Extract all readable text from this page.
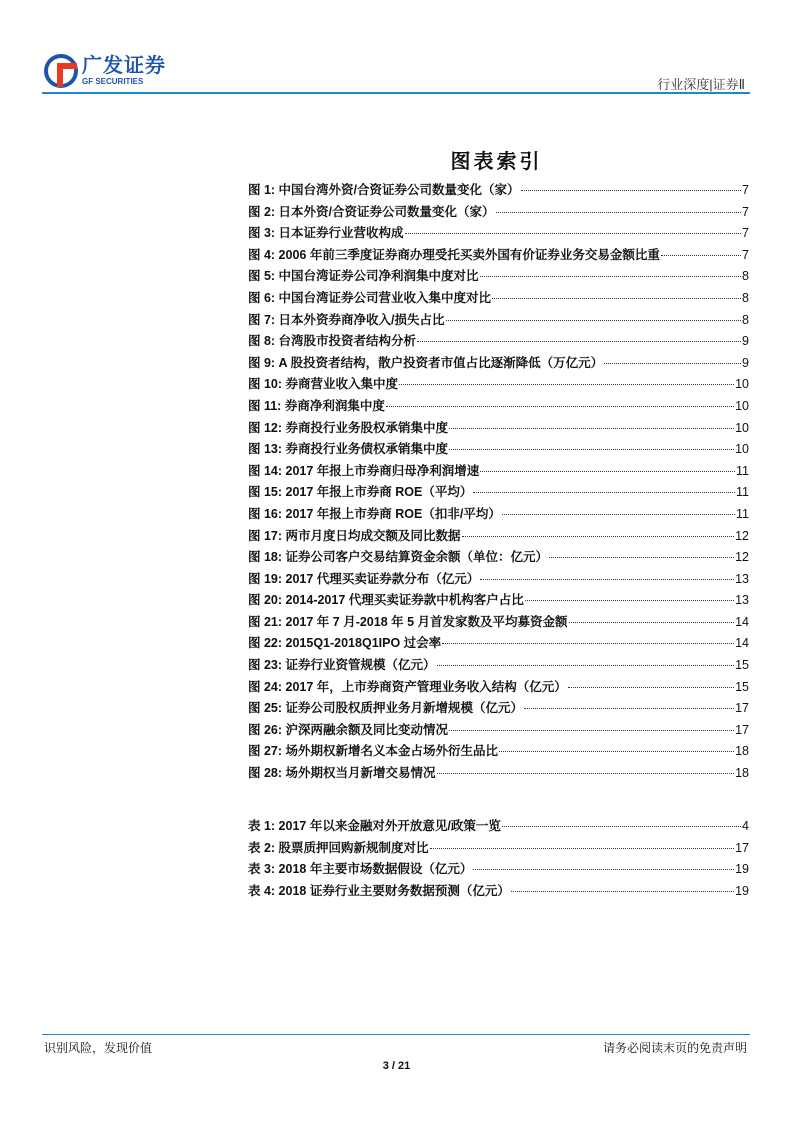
广发证券
GF SECURITIES	行业深度|证券Ⅱ
图表索引
图 1: 中国台湾外资/合资证券公司数量变化（家）	7
图 2: 日本外资/合资证券公司数量变化（家）	7
图 3: 日本证券行业营收构成	7
图 4: 2006 年前三季度证券商办理受托买卖外国有价证券业务交易金额比重	7
图 5: 中国台湾证券公司净利润集中度对比	8
图 6: 中国台湾证券公司营业收入集中度对比	8
图 7: 日本外资券商净收入/损失占比	8
图 8: 台湾股市投资者结构分析	9
图 9: A 股投资者结构，散户投资者市值占比逐渐降低（万亿元）	9
图 10: 券商营业收入集中度	10
图 11: 券商净利润集中度	10
图 12: 券商投行业务股权承销集中度	10
图 13: 券商投行业务债权承销集中度	10
图 14: 2017 年报上市券商归母净利润增速	11
图 15: 2017 年报上市券商 ROE（平均）	11
图 16: 2017 年报上市券商 ROE（扣非/平均）	11
图 17: 两市月度日均成交额及同比数据	12
图 18: 证券公司客户交易结算资金余额（单位：亿元）	12
图 19: 2017 代理买卖证券款分布（亿元）	13
图 20: 2014-2017 代理买卖证券款中机构客户占比	13
图 21: 2017 年 7 月-2018 年 5 月首发家数及平均募资金额	14
图 22: 2015Q1-2018Q1IPO 过会率	14
图 23: 证券行业资管规模（亿元）	15
图 24: 2017 年，上市券商资产管理业务收入结构（亿元）	15
图 25: 证券公司股权质押业务月新增规模（亿元）	17
图 26: 沪深两融余额及同比变动情况	17
图 27: 场外期权新增名义本金占场外衍生品比	18
图 28: 场外期权当月新增交易情况	18
表 1: 2017 年以来金融对外开放意见/政策一览	4
表 2: 股票质押回购新规制度对比	17
表 3: 2018 年主要市场数据假设（亿元）	19
表 4: 2018 证券行业主要财务数据预测（亿元）	19
识别风险，发现价值	请务必阅读末页的免责声明
3 / 21
